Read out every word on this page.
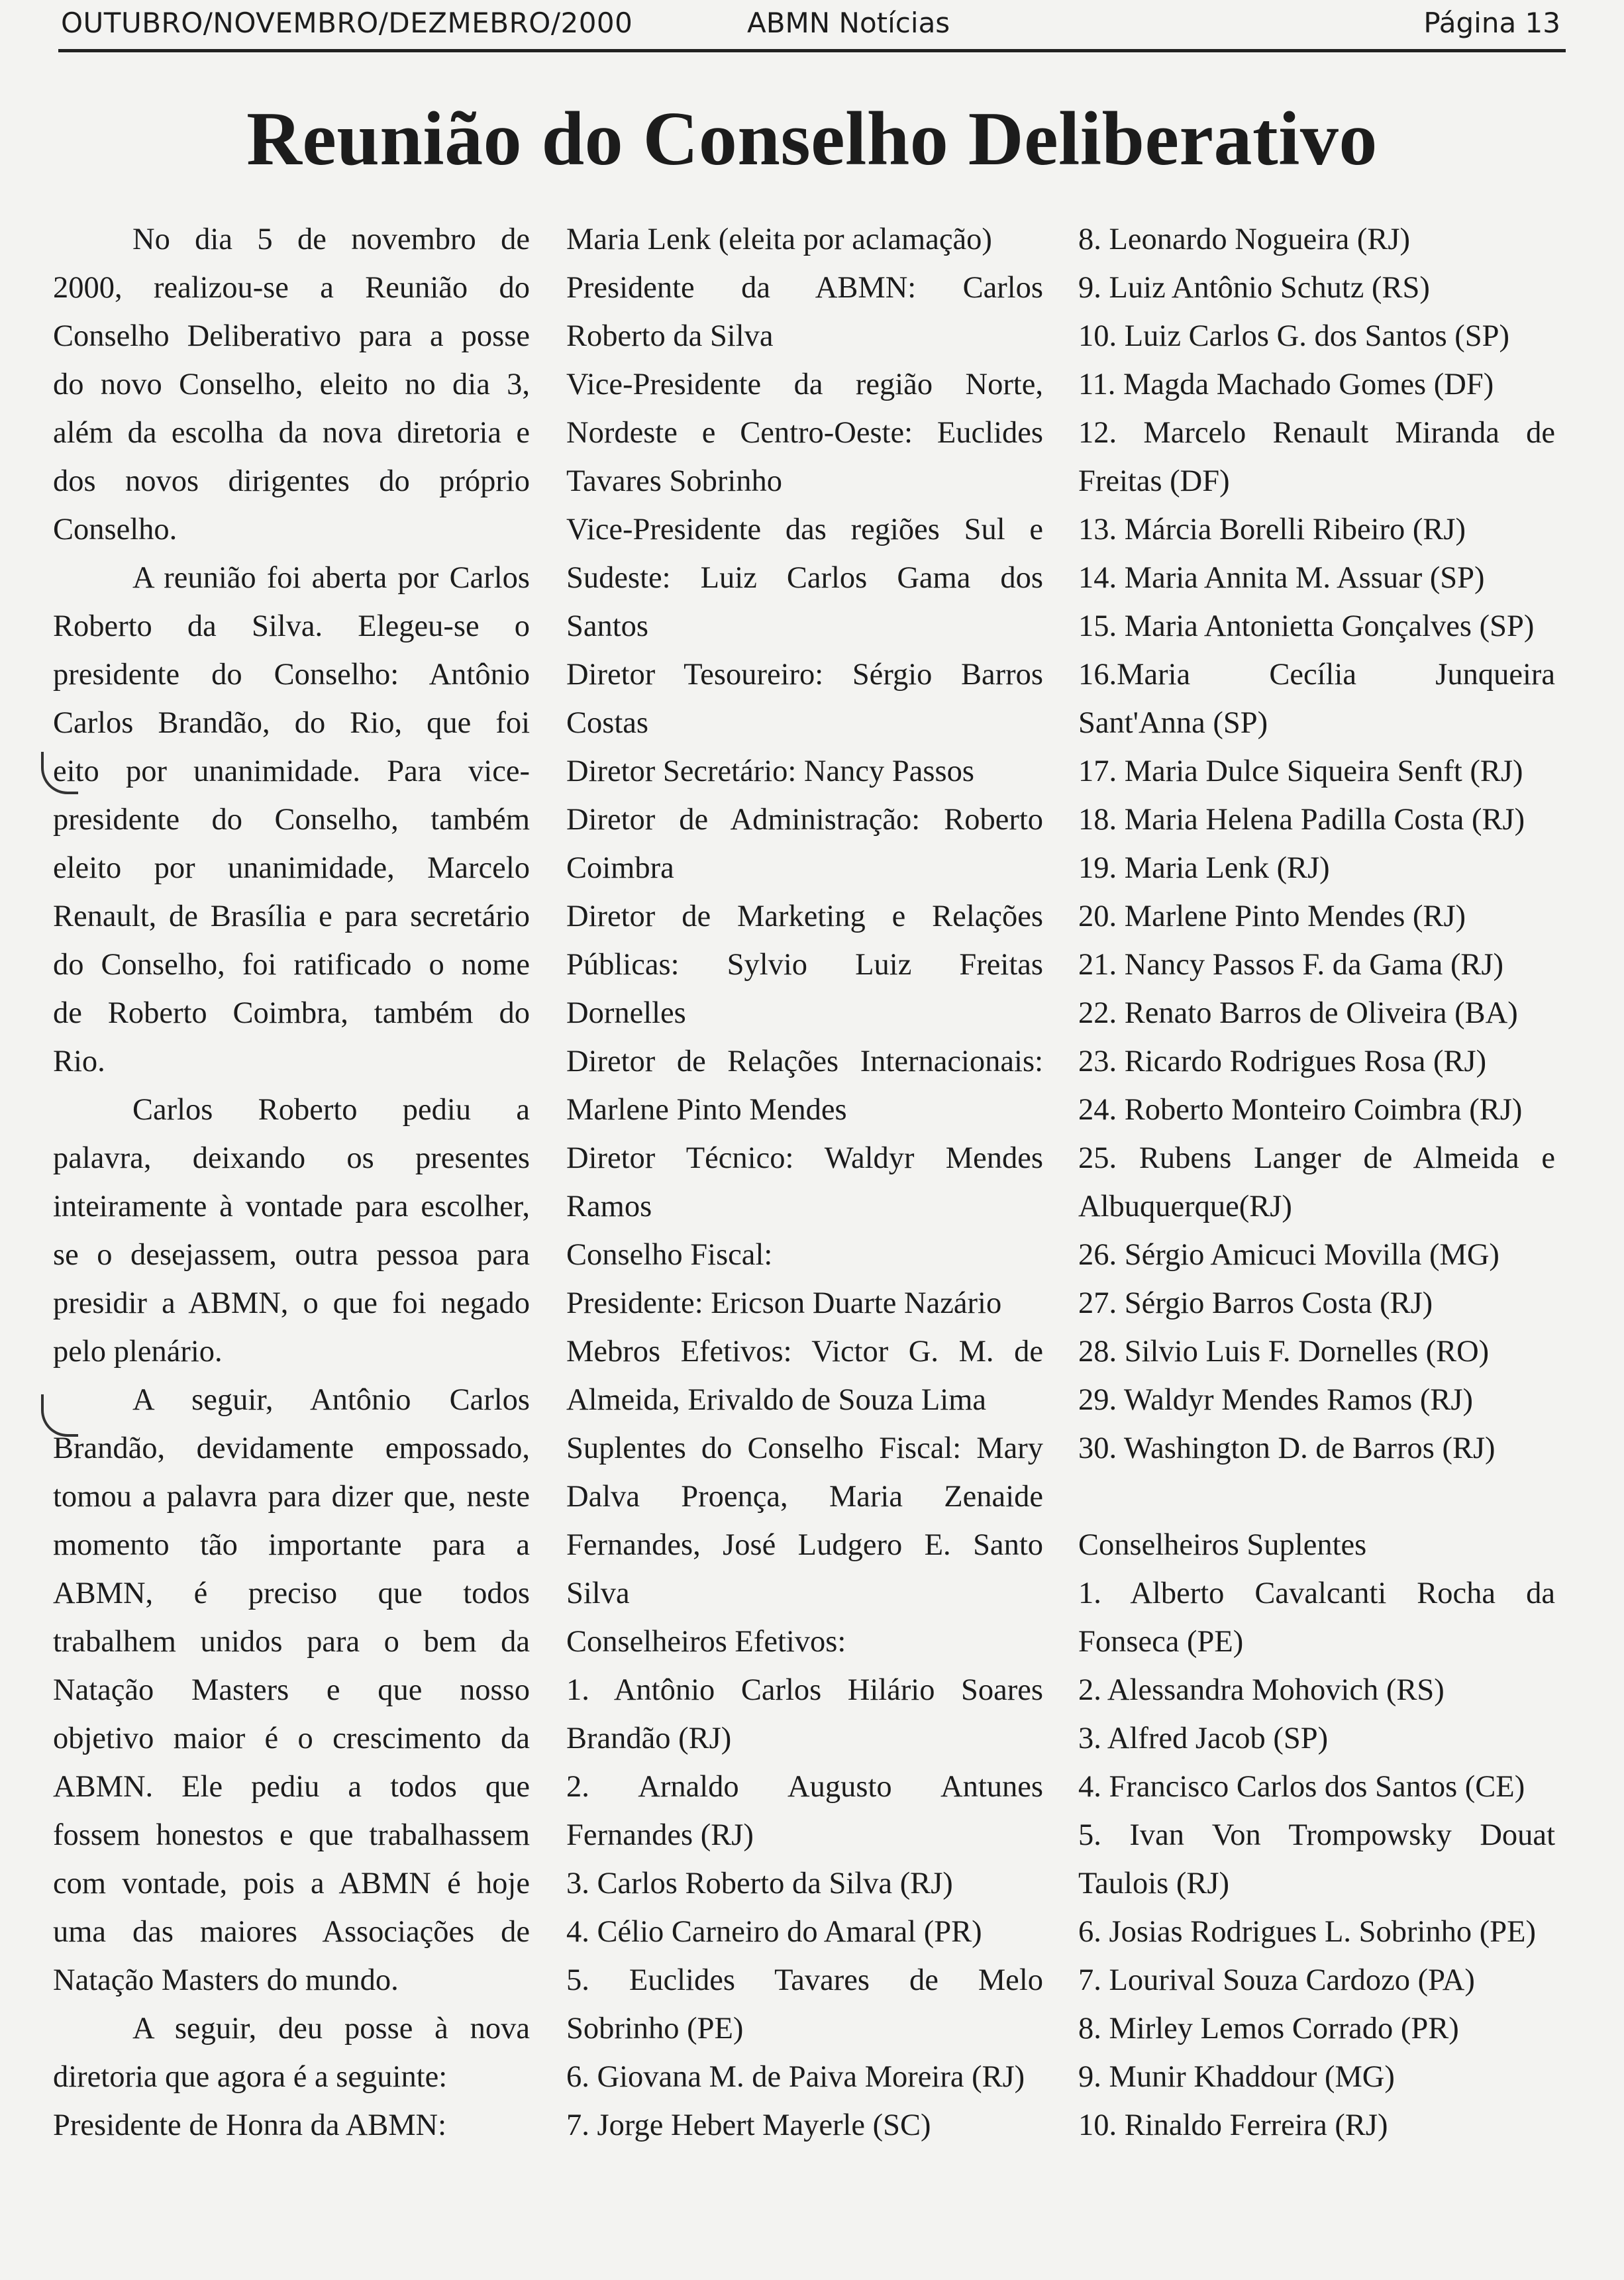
OUTUBRO/NOVEMBRO/DEZMEBRO/2000	ABMN Notícias	Página 13
Reunião do Conselho Deliberativo
No dia 5 de novembro de
2000, realizou-se a Reunião do
Conselho Deliberativo para a posse
do novo Conselho, eleito no dia 3,
além da escolha da nova diretoria e
dos novos dirigentes do próprio
Conselho.
A reunião foi aberta por Carlos
Roberto da Silva. Elegeu-se o
presidente do Conselho: Antônio
Carlos Brandão, do Rio, que foi
eito por unanimidade. Para vice-
presidente do Conselho, também
eleito por unanimidade, Marcelo
Renault, de Brasília e para secretário
do Conselho, foi ratificado o nome
de Roberto Coimbra, também do
Rio.
Carlos Roberto pediu a
palavra, deixando os presentes
inteiramente à vontade para escolher,
se o desejassem, outra pessoa para
presidir a ABMN, o que foi negado
pelo plenário.
A seguir, Antônio Carlos
Brandão, devidamente empossado,
tomou a palavra para dizer que, neste
momento tão importante para a
ABMN, é preciso que todos
trabalhem unidos para o bem da
Natação Masters e que nosso
objetivo maior é o crescimento da
ABMN. Ele pediu a todos que
fossem honestos e que trabalhassem
com vontade, pois a ABMN é hoje
uma das maiores Associações de
Natação Masters do mundo.
A seguir, deu posse à nova
diretoria que agora é a seguinte:
Presidente de Honra da ABMN:
Maria Lenk (eleita por aclamação)
Presidente da ABMN: Carlos
Roberto da Silva
Vice-Presidente da região Norte,
Nordeste e Centro-Oeste: Euclides
Tavares Sobrinho
Vice-Presidente das regiões Sul e
Sudeste: Luiz Carlos Gama dos
Santos
Diretor Tesoureiro: Sérgio Barros
Costas
Diretor Secretário: Nancy Passos
Diretor de Administração: Roberto
Coimbra
Diretor de Marketing e Relações
Públicas: Sylvio Luiz Freitas
Dornelles
Diretor de Relações Internacionais:
Marlene Pinto Mendes
Diretor Técnico: Waldyr Mendes
Ramos
Conselho Fiscal:
Presidente: Ericson Duarte Nazário
Mebros Efetivos: Victor G. M. de
Almeida, Erivaldo de Souza Lima
Suplentes do Conselho Fiscal: Mary
Dalva Proença, Maria Zenaide
Fernandes, José Ludgero E. Santo
Silva
Conselheiros Efetivos:
1. Antônio Carlos Hilário Soares
Brandão (RJ)
2. Arnaldo Augusto Antunes
Fernandes (RJ)
3. Carlos Roberto da Silva (RJ)
4. Célio Carneiro do Amaral (PR)
5. Euclides Tavares de Melo
Sobrinho (PE)
6. Giovana M. de Paiva Moreira (RJ)
7. Jorge Hebert Mayerle (SC)
8. Leonardo Nogueira (RJ)
9. Luiz Antônio Schutz (RS)
10. Luiz Carlos G. dos Santos (SP)
11. Magda Machado Gomes (DF)
12. Marcelo Renault Miranda de
Freitas (DF)
13. Márcia Borelli Ribeiro (RJ)
14. Maria Annita M. Assuar (SP)
15. Maria Antonietta Gonçalves (SP)
16.Maria Cecília Junqueira
Sant'Anna (SP)
17. Maria Dulce Siqueira Senft (RJ)
18. Maria Helena Padilla Costa (RJ)
19. Maria Lenk (RJ)
20. Marlene Pinto Mendes (RJ)
21. Nancy Passos F. da Gama (RJ)
22. Renato Barros de Oliveira (BA)
23. Ricardo Rodrigues Rosa (RJ)
24. Roberto Monteiro Coimbra (RJ)
25. Rubens Langer de Almeida e
Albuquerque(RJ)
26. Sérgio Amicuci Movilla (MG)
27. Sérgio Barros Costa (RJ)
28. Silvio Luis F. Dornelles (RO)
29. Waldyr Mendes Ramos (RJ)
30. Washington D. de Barros (RJ)
Conselheiros Suplentes
1. Alberto Cavalcanti Rocha da
Fonseca (PE)
2. Alessandra Mohovich (RS)
3. Alfred Jacob (SP)
4. Francisco Carlos dos Santos (CE)
5. Ivan Von Trompowsky Douat
Taulois (RJ)
6. Josias Rodrigues L. Sobrinho (PE)
7. Lourival Souza Cardozo (PA)
8. Mirley Lemos Corrado (PR)
9. Munir Khaddour (MG)
10. Rinaldo Ferreira (RJ)
